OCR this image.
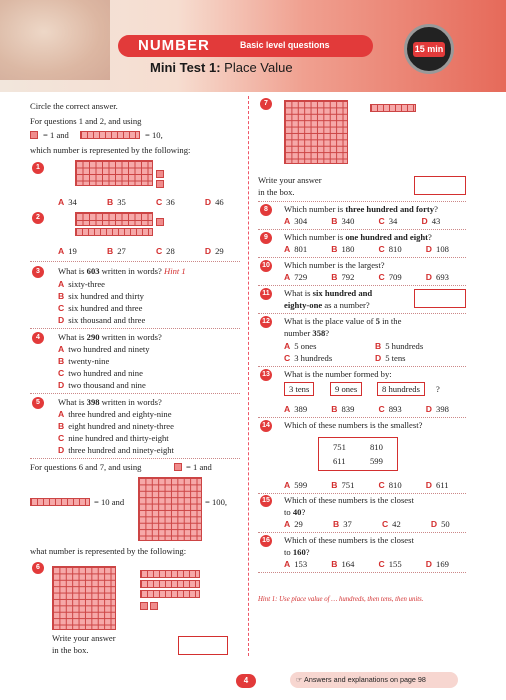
NUMBER	Basic level questions
Mini Test 1: Place Value
15 min
Circle the correct answer.
For questions 1 and 2, and using
= 1 and	= 10,
which number is represented by the following:
1
A 34	B 35	C 36	D 46
2
A 19	B 27	C 28	D 29
3	What is 603 written in words? Hint 1
A sixty-three
B six hundred and thirty
C six hundred and three
D six thousand and three
4	What is 290 written in words?
A two hundred and ninety
B twenty-nine
C two hundred and nine
D two thousand and nine
5	What is 398 written in words?
A three hundred and eighty-nine
B eight hundred and ninety-three
C nine hundred and thirty-eight
D three hundred and ninety-eight
For questions 6 and 7, and using	= 1 and
= 10 and	= 100,
what number is represented by the following:
6
Write your answer
in the box.
7
Write your answer
in the box.
8	Which number is three hundred and forty?
A 304	B 340	C 34	D 43
9	Which number is one hundred and eight?
A 801	B 180	C 810	D 108
10 Which number is the largest?
A 729	B 792	C 709	D 693
11 What is six hundred and
eighty-one as a number?
12 What is the place value of 5 in the
number 358?
A 5 ones	B 5 hundreds
C 3 hundreds	D 5 tens
13 What is the number formed by:
3 tens	9 ones	8 hundreds	?
A 389	B 839	C 893	D 398
14 Which of these numbers is the smallest?
751	810
611	599
A 599	B 751	C 810	D 611
15 Which of these numbers is the closest
to 40?
A 29	B 37	C 42	D 50
16 Which of these numbers is the closest
to 160?
A 153	B 164	C 155	D 169
Hint 1: Use place value of … hundreds, then tens, then units.
4	☞ Answers and explanations on page 98
